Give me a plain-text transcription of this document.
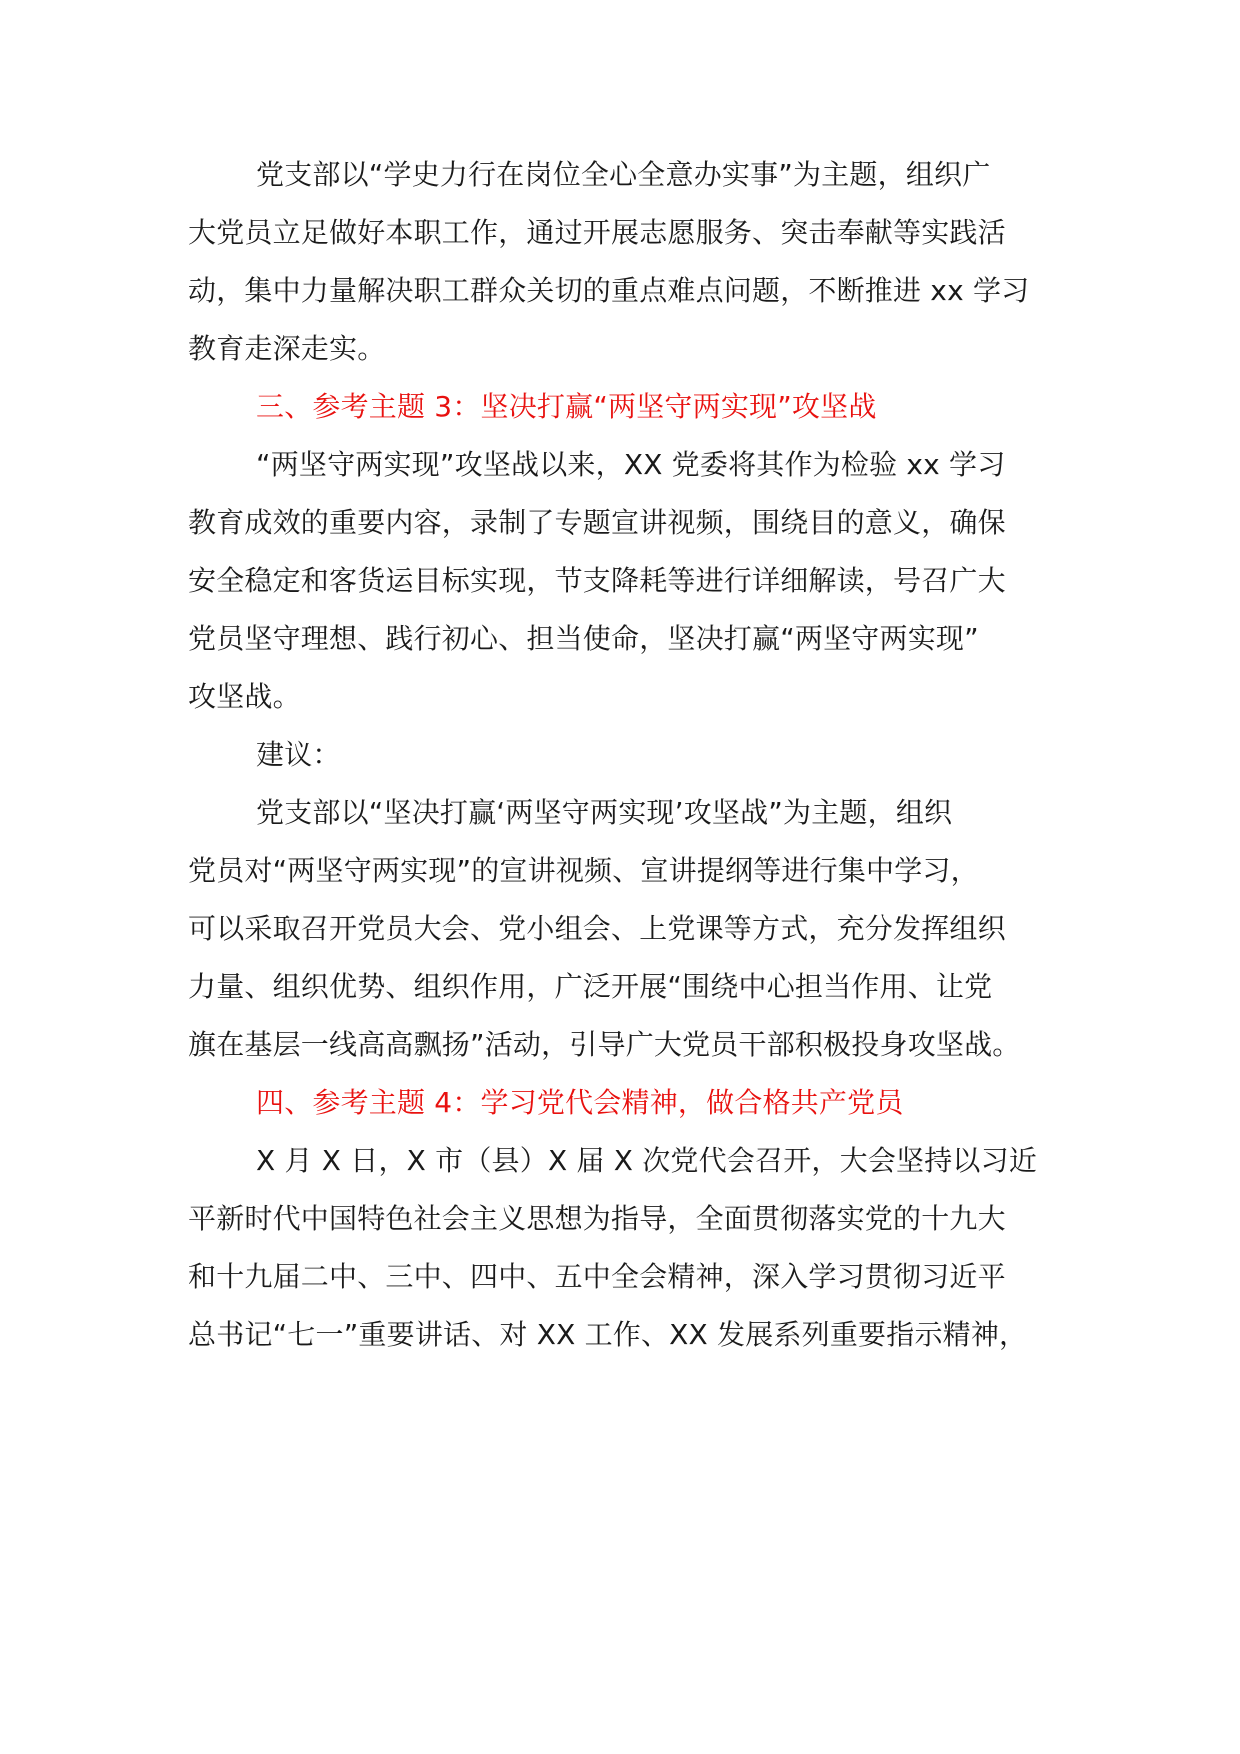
党支部以“学史力行在岗位全心全意办实事”为主题，组织广
大党员立足做好本职工作，通过开展志愿服务、突击奉献等实践活
动，集中力量解决职工群众关切的重点难点问题，不断推进 xx 学习
教育走深走实。
三、参考主题 3：坚决打赢“两坚守两实现”攻坚战
“两坚守两实现”攻坚战以来，XX 党委将其作为检验 xx 学习
教育成效的重要内容，录制了专题宣讲视频，围绕目的意义，确保
安全稳定和客货运目标实现，节支降耗等进行详细解读，号召广大
党员坚守理想、践行初心、担当使命，坚决打赢“两坚守两实现”
攻坚战。
建议：
党支部以“坚决打赢‘两坚守两实现’攻坚战”为主题，组织
党员对“两坚守两实现”的宣讲视频、宣讲提纲等进行集中学习，
可以采取召开党员大会、党小组会、上党课等方式，充分发挥组织
力量、组织优势、组织作用，广泛开展“围绕中心担当作用、让党
旗在基层一线高高飘扬”活动，引导广大党员干部积极投身攻坚战。
四、参考主题 4：学习党代会精神，做合格共产党员
X 月 X 日，X 市（县）X 届 X 次党代会召开，大会坚持以习近
平新时代中国特色社会主义思想为指导，全面贯彻落实党的十九大
和十九届二中、三中、四中、五中全会精神，深入学习贯彻习近平
总书记“七一”重要讲话、对 XX 工作、XX 发展系列重要指示精神，
